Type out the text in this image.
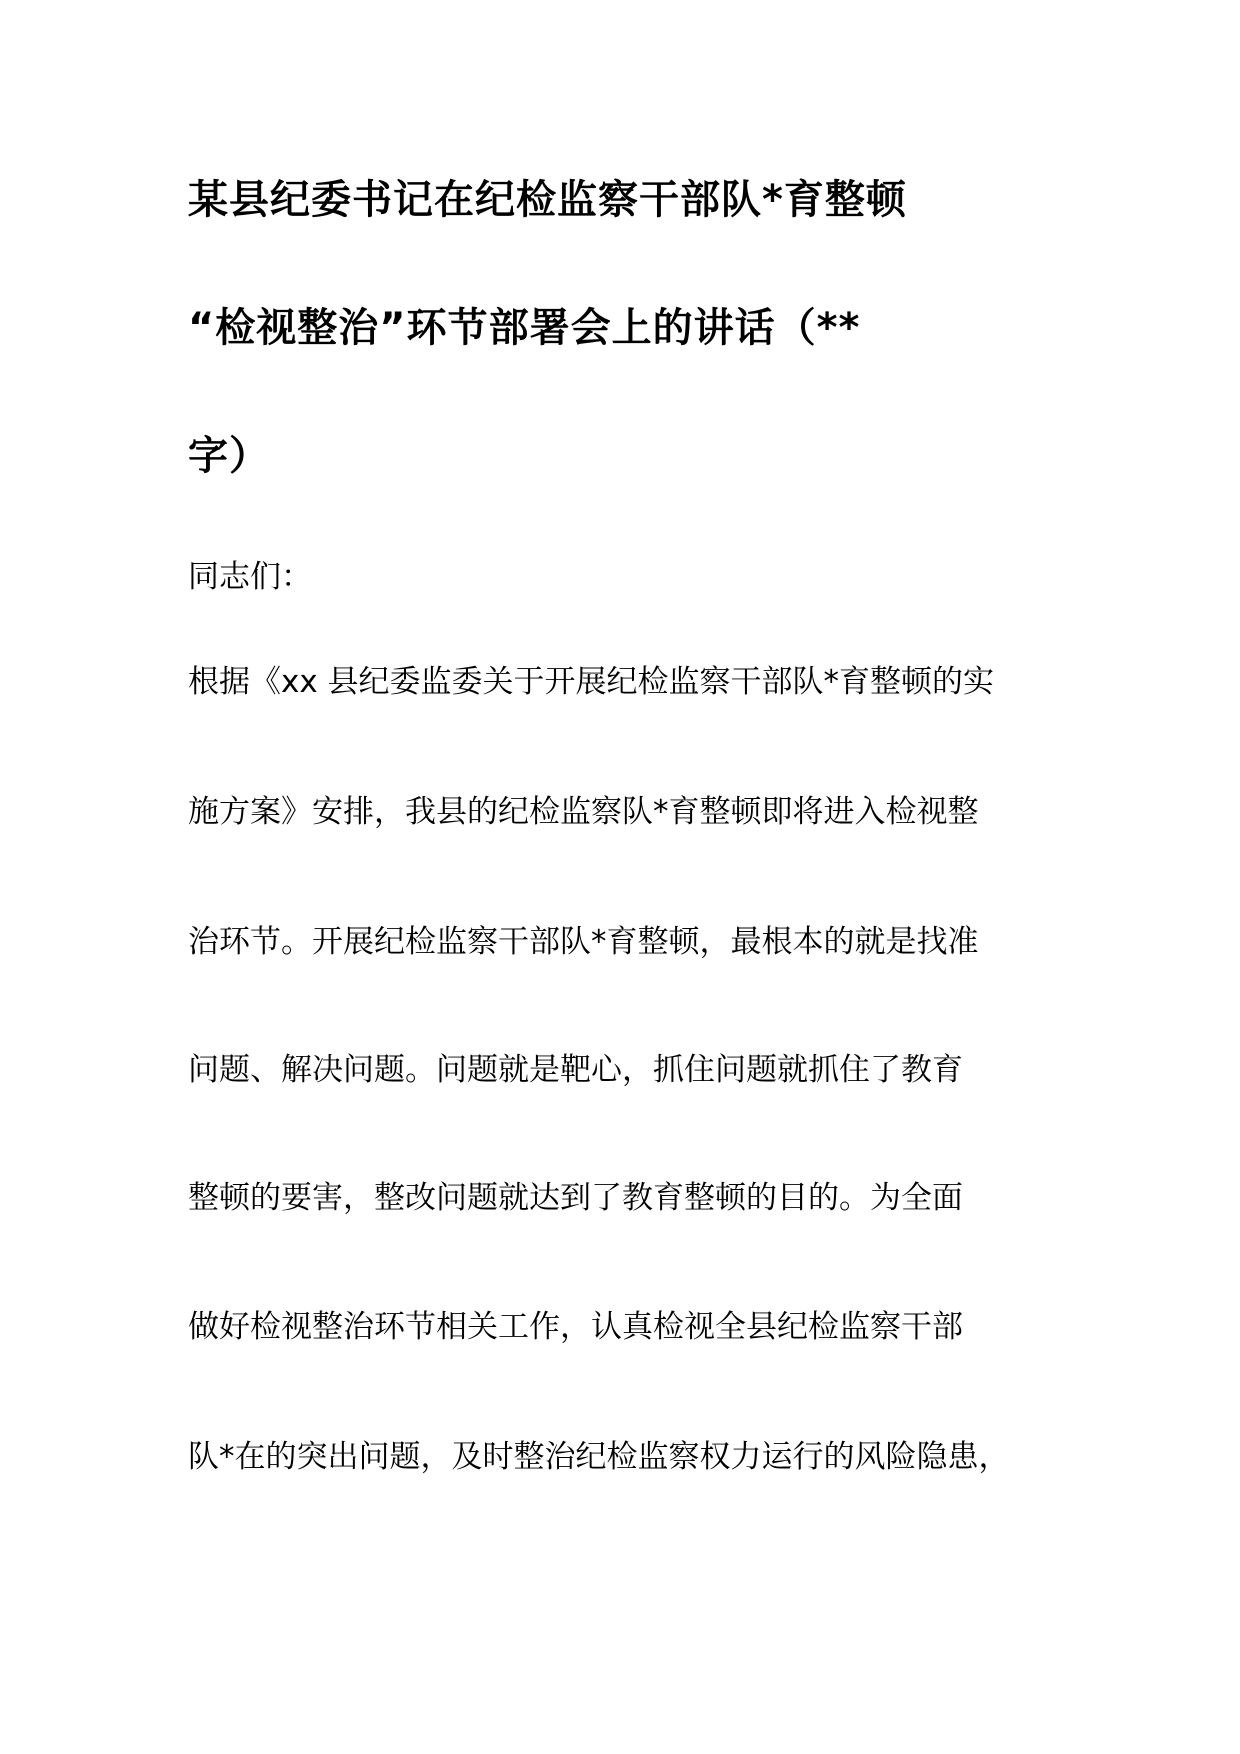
某县纪委书记在纪检监察干部队*育整顿
“检视整治”环节部署会上的讲话（**
字）
同志们：
根据《xx 县纪委监委关于开展纪检监察干部队*育整顿的实
施方案》安排，我县的纪检监察队*育整顿即将进入检视整
治环节。开展纪检监察干部队*育整顿，最根本的就是找准
问题、解决问题。问题就是靶心，抓住问题就抓住了教育
整顿的要害，整改问题就达到了教育整顿的目的。为全面
做好检视整治环节相关工作，认真检视全县纪检监察干部
队*在的突出问题，及时整治纪检监察权力运行的风险隐患，
